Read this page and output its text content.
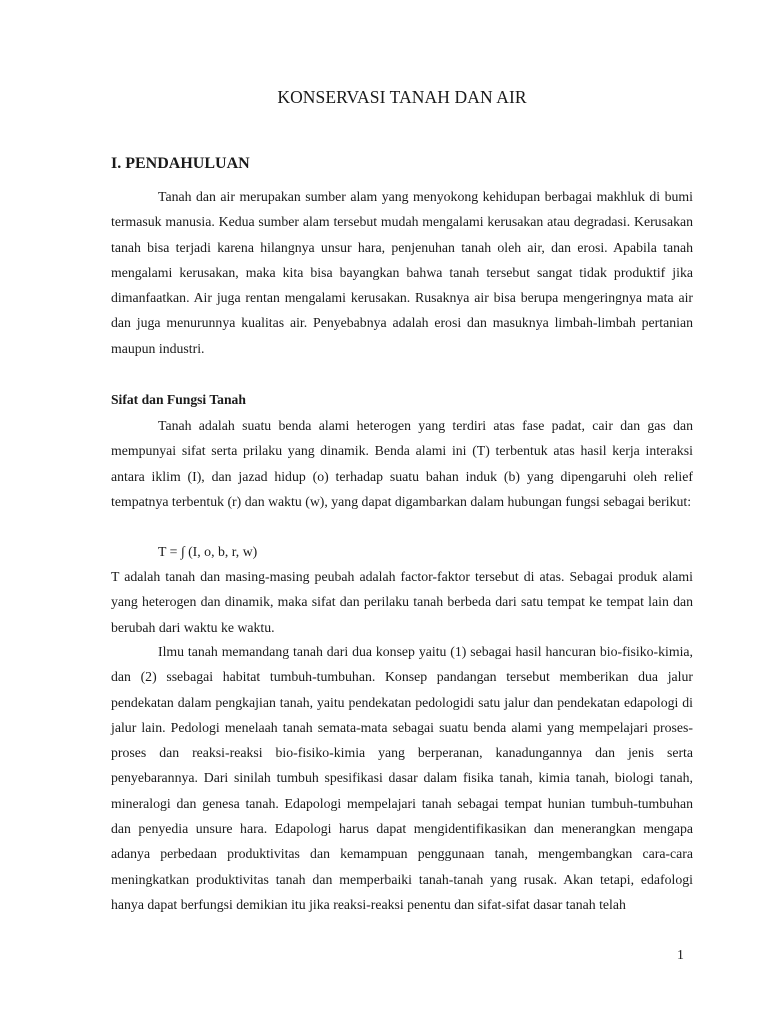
KONSERVASI TANAH DAN AIR
I. PENDAHULUAN

Tanah dan air merupakan sumber alam yang menyokong kehidupan berbagai makhluk di bumi termasuk manusia. Kedua sumber alam tersebut mudah mengalami kerusakan atau degradasi. Kerusakan tanah bisa terjadi karena hilangnya unsur hara, penjenuhan tanah oleh air, dan erosi. Apabila tanah mengalami kerusakan, maka kita bisa bayangkan bahwa tanah tersebut sangat tidak produktif jika dimanfaatkan. Air juga rentan mengalami kerusakan. Rusaknya air bisa berupa mengeringnya mata air dan juga menurunnya kualitas air. Penyebabnya adalah erosi dan masuknya limbah-limbah pertanian maupun industri.

Sifat dan Fungsi Tanah

Tanah adalah suatu benda alami heterogen yang terdiri atas fase padat, cair dan gas dan mempunyai sifat serta prilaku yang dinamik. Benda alami ini (T) terbentuk atas hasil kerja interaksi antara iklim (I), dan jazad hidup (o) terhadap suatu bahan induk (b) yang dipengaruhi oleh relief tempatnya terbentuk (r) dan waktu (w), yang dapat digambarkan dalam hubungan fungsi sebagai berikut:

T = ∫ (I, o, b, r, w)

T adalah tanah dan masing-masing peubah adalah factor-faktor tersebut di atas. Sebagai produk alami yang heterogen dan dinamik, maka sifat dan perilaku tanah berbeda dari satu tempat ke tempat lain dan berubah dari waktu ke waktu.

Ilmu tanah memandang tanah dari dua konsep yaitu (1) sebagai hasil hancuran bio-fisiko-kimia, dan (2) ssebagai habitat tumbuh-tumbuhan. Konsep pandangan tersebut memberikan dua jalur pendekatan dalam pengkajian tanah, yaitu pendekatan pedologidi satu jalur dan pendekatan edapologi di jalur lain. Pedologi menelaah tanah semata-mata sebagai suatu benda alami yang mempelajari proses-proses dan reaksi-reaksi bio-fisiko-kimia yang berperanan, kanadungannya dan jenis serta penyebarannya. Dari sinilah tumbuh spesifikasi dasar dalam fisika tanah, kimia tanah, biologi tanah, mineralogi dan genesa tanah. Edapologi mempelajari tanah sebagai tempat hunian tumbuh-tumbuhan dan penyedia unsure hara. Edapologi harus dapat mengidentifikasikan dan menerangkan mengapa adanya perbedaan produktivitas dan kemampuan penggunaan tanah, mengembangkan cara-cara meningkatkan produktivitas tanah dan memperbaiki tanah-tanah yang rusak. Akan tetapi, edafologi hanya dapat berfungsi demikian itu jika reaksi-reaksi penentu dan sifat-sifat dasar tanah telah

1
